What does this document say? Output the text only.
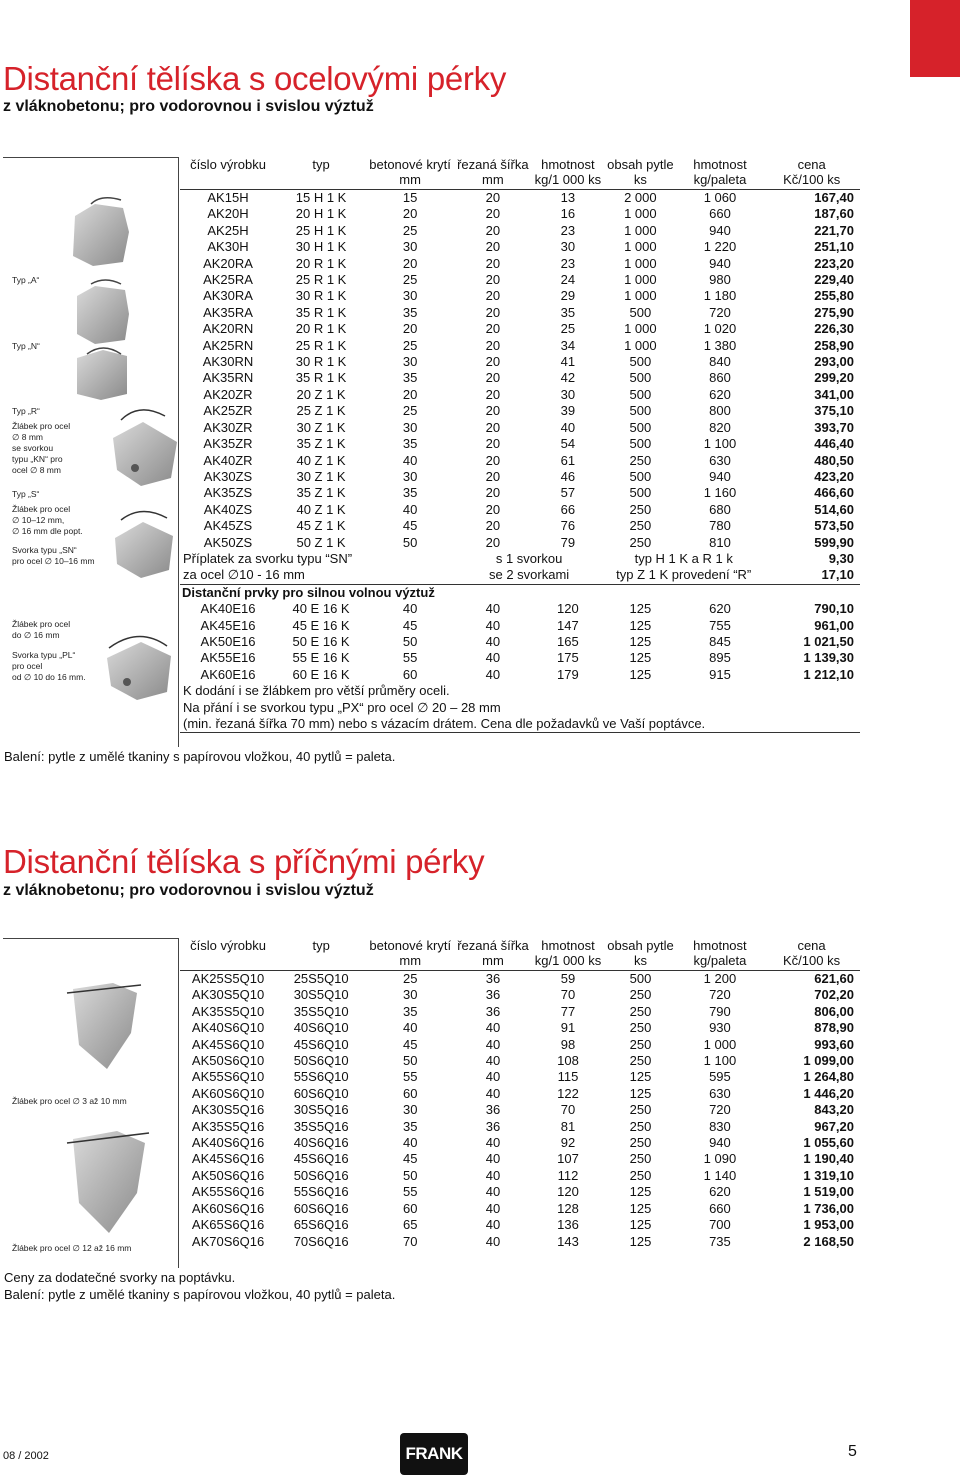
Distanční tělíska s ocelovými pérky
z vláknobetonu; pro vodorovnou i svislou výztuž
Typ „A“
Typ „N“
Typ „R“
Žlábek pro ocel
∅ 8 mm
se svorkou
typu „KN“ pro
ocel ∅ 8 mm
Typ „S“
Žlábek pro ocel
∅ 10–12 mm,
∅ 16 mm dle popt.
Svorka typu „SN“
pro ocel ∅ 10–16 mm
Žlábek pro ocel
do ∅ 16 mm
Svorka typu „PL“
pro ocel
od ∅ 10 do 16 mm.
číslo výrobku	typ	betonové krytí	řezaná šířka	hmotnost	obsah pytle	hmotnost	cena
		mm	mm	kg/1 000 ks	ks	kg/paleta	Kč/100 ks
AK15H	15 H 1 K	15	20	13	2 000	1 060	167,40
AK20H	20 H 1 K	20	20	16	1 000	660	187,60
AK25H	25 H 1 K	25	20	23	1 000	940	221,70
AK30H	30 H 1 K	30	20	30	1 000	1 220	251,10
AK20RA	20 R 1 K	20	20	23	1 000	940	223,20
AK25RA	25 R 1 K	25	20	24	1 000	980	229,40
AK30RA	30 R 1 K	30	20	29	1 000	1 180	255,80
AK35RA	35 R 1 K	35	20	35	500	720	275,90
AK20RN	20 R 1 K	20	20	25	1 000	1 020	226,30
AK25RN	25 R 1 K	25	20	34	1 000	1 380	258,90
AK30RN	30 R 1 K	30	20	41	500	840	293,00
AK35RN	35 R 1 K	35	20	42	500	860	299,20
AK20ZR	20 Z 1 K	20	20	30	500	620	341,00
AK25ZR	25 Z 1 K	25	20	39	500	800	375,10
AK30ZR	30 Z 1 K	30	20	40	500	820	393,70
AK35ZR	35 Z 1 K	35	20	54	500	1 100	446,40
AK40ZR	40 Z 1 K	40	20	61	250	630	480,50
AK30ZS	30 Z 1 K	30	20	46	500	940	423,20
AK35ZS	35 Z 1 K	35	20	57	500	1 160	466,60
AK40ZS	40 Z 1 K	40	20	66	250	680	514,60
AK45ZS	45 Z 1 K	45	20	76	250	780	573,50
AK50ZS	50 Z 1 K	50	20	79	250	810	599,90
Příplatek za svorku typu “SN”			s 1 svorkou		typ H 1 K a R 1 k		9,30
za ocel ∅10 - 16 mm			se 2 svorkami		typ Z 1 K provedení “R”		17,10
Distanční prvky pro silnou volnou výztuž							
AK40E16	40 E 16 K	40	40	120	125	620	790,10
AK45E16	45 E 16 K	45	40	147	125	755	961,00
AK50E16	50 E 16 K	50	40	165	125	845	1 021,50
AK55E16	55 E 16 K	55	40	175	125	895	1 139,30
AK60E16	60 E 16 K	60	40	179	125	915	1 212,10
K dodání i se žlábkem pro větší průměry oceli.							
Na přání i se svorkou typu „PX“ pro ocel ∅ 20 – 28 mm							
(min. řezaná šířka 70 mm) nebo s vázacím drátem. Cena dle požadavků ve Vaší poptávce.							
Balení: pytle z umělé tkaniny s papírovou vložkou, 40 pytlů = paleta.
Distanční tělíska s příčnými pérky
z vláknobetonu; pro vodorovnou i svislou výztuž
Žlábek pro ocel ∅ 3 až 10 mm
Žlábek pro ocel ∅ 12 až 16 mm
číslo výrobku	typ	betonové krytí	řezaná šířka	hmotnost	obsah pytle	hmotnost	cena
		mm	mm	kg/1 000 ks	ks	kg/paleta	Kč/100 ks
AK25S5Q10	25S5Q10	25	36	59	500	1 200	621,60
AK30S5Q10	30S5Q10	30	36	70	250	720	702,20
AK35S5Q10	35S5Q10	35	36	77	250	790	806,00
AK40S6Q10	40S6Q10	40	40	91	250	930	878,90
AK45S6Q10	45S6Q10	45	40	98	250	1 000	993,60
AK50S6Q10	50S6Q10	50	40	108	250	1 100	1 099,00
AK55S6Q10	55S6Q10	55	40	115	125	595	1 264,80
AK60S6Q10	60S6Q10	60	40	122	125	630	1 446,20
AK30S5Q16	30S5Q16	30	36	70	250	720	843,20
AK35S5Q16	35S5Q16	35	36	81	250	830	967,20
AK40S6Q16	40S6Q16	40	40	92	250	940	1 055,60
AK45S6Q16	45S6Q16	45	40	107	250	1 090	1 190,40
AK50S6Q16	50S6Q16	50	40	112	250	1 140	1 319,10
AK55S6Q16	55S6Q16	55	40	120	125	620	1 519,00
AK60S6Q16	60S6Q16	60	40	128	125	660	1 736,00
AK65S6Q16	65S6Q16	65	40	136	125	700	1 953,00
AK70S6Q16	70S6Q16	70	40	143	125	735	2 168,50
Ceny za dodatečné svorky na poptávku.
Balení: pytle z umělé tkaniny s papírovou vložkou, 40 pytlů = paleta.
08 / 2002	FRANK	5
